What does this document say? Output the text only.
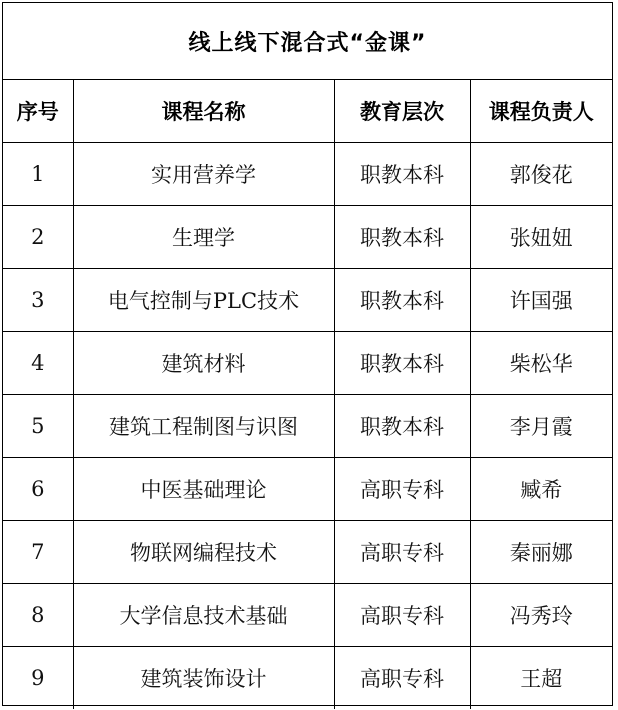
线上线下混合式“金课”
序号	课程名称	教育层次	课程负责人
1	实用营养学	职教本科	郭俊花
2	生理学	职教本科	张妞妞
3	电气控制与PLC技术	职教本科	许国强
4	建筑材料	职教本科	柴松华
5	建筑工程制图与识图	职教本科	李月霞
6	中医基础理论	高职专科	臧希
7	物联网编程技术	高职专科	秦丽娜
8	大学信息技术基础	高职专科	冯秀玲
9	建筑装饰设计	高职专科	王超
